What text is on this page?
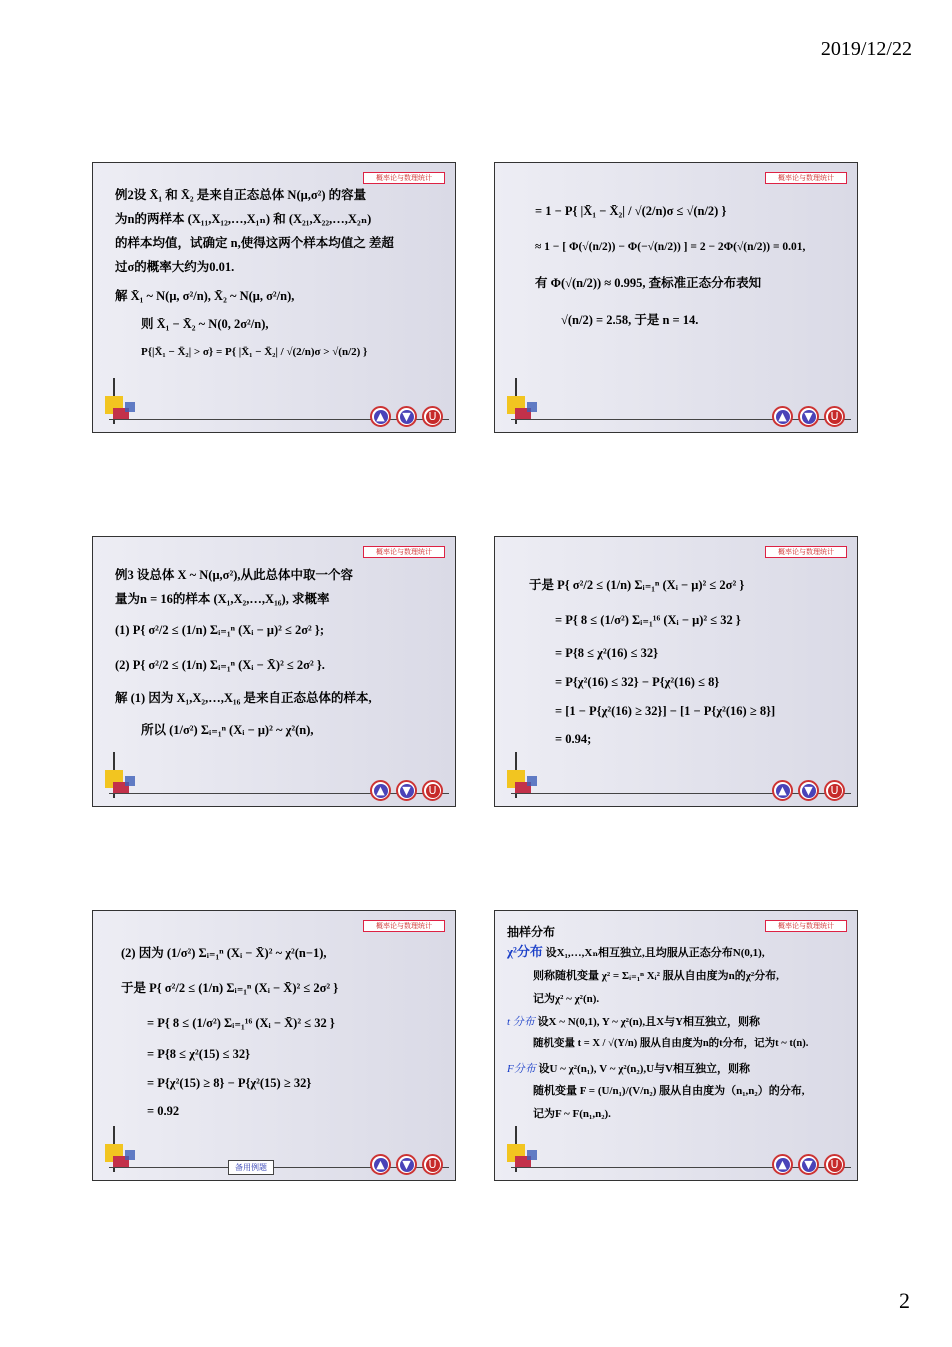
2019/12/22
概率论与数理统计
例2设 X̄₁ 和 X̄₂ 是来自正态总体 N(μ,σ²) 的容量
为n的两样本 (X₁₁,X₁₂,…,X₁ₙ) 和 (X₂₁,X₂₂,…,X₂ₙ)
的样本均值，试确定 n,使得这两个样本均值之 差超
过σ的概率大约为0.01.
解 X̄₁ ~ N(μ, σ²/n), X̄₂ ~ N(μ, σ²/n),
则 X̄₁ − X̄₂ ~ N(0, 2σ²/n),
P{|X̄₁ − X̄₂| > σ} = P{ |X̄₁ − X̄₂| / √(2/n)σ > √(n/2) }
▲ ▼ U
概率论与数理统计
= 1 − P{ |X̄₁ − X̄₂| / √(2/n)σ ≤ √(n/2) }
≈ 1 − [ Φ(√(n/2)) − Φ(−√(n/2)) ] = 2 − 2Φ(√(n/2)) = 0.01,
有 Φ(√(n/2)) ≈ 0.995, 查标准正态分布表知
√(n/2) = 2.58, 于是 n = 14.
▲ ▼ U
概率论与数理统计
例3 设总体 X ~ N(μ,σ²),从此总体中取一个容
量为n = 16的样本 (X₁,X₂,…,X₁₆), 求概率
(1) P{ σ²/2 ≤ (1/n) Σᵢ₌₁ⁿ (Xᵢ − μ)² ≤ 2σ² };
(2) P{ σ²/2 ≤ (1/n) Σᵢ₌₁ⁿ (Xᵢ − X̄)² ≤ 2σ² }.
解 (1) 因为 X₁,X₂,…,X₁₆ 是来自正态总体的样本,
所以 (1/σ²) Σᵢ₌₁ⁿ (Xᵢ − μ)² ~ χ²(n),
▲ ▼ U
概率论与数理统计
于是 P{ σ²/2 ≤ (1/n) Σᵢ₌₁ⁿ (Xᵢ − μ)² ≤ 2σ² }
= P{ 8 ≤ (1/σ²) Σᵢ₌₁¹⁶ (Xᵢ − μ)² ≤ 32 }
= P{8 ≤ χ²(16) ≤ 32}
= P{χ²(16) ≤ 32} − P{χ²(16) ≤ 8}
= [1 − P{χ²(16) ≥ 32}] − [1 − P{χ²(16) ≥ 8}]
= 0.94;
▲ ▼ U
概率论与数理统计
(2) 因为 (1/σ²) Σᵢ₌₁ⁿ (Xᵢ − X̄)² ~ χ²(n−1),
于是 P{ σ²/2 ≤ (1/n) Σᵢ₌₁ⁿ (Xᵢ − X̄)² ≤ 2σ² }
= P{ 8 ≤ (1/σ²) Σᵢ₌₁¹⁶ (Xᵢ − X̄)² ≤ 32 }
= P{8 ≤ χ²(15) ≤ 32}
= P{χ²(15) ≥ 8} − P{χ²(15) ≥ 32}
= 0.92
备用例题	▲ ▼ U
抽样分布	概率论与数理统计
χ²分布 设X₁,…,Xₙ相互独立,且均服从正态分布N(0,1),
则称随机变量 χ² = Σᵢ₌₁ⁿ Xᵢ² 服从自由度为n的χ²分布,
记为χ² ~ χ²(n).
t 分布 设X ~ N(0,1), Y ~ χ²(n),且X与Y相互独立，则称
随机变量 t = X / √(Y/n) 服从自由度为n的t分布，记为t ~ t(n).
F分布 设U ~ χ²(n₁), V ~ χ²(n₂),U与V相互独立，则称
随机变量 F = (U/n₁)/(V/n₂) 服从自由度为（n₁,n₂）的分布,
记为F ~ F(n₁,n₂).
▲ ▼ U
2
